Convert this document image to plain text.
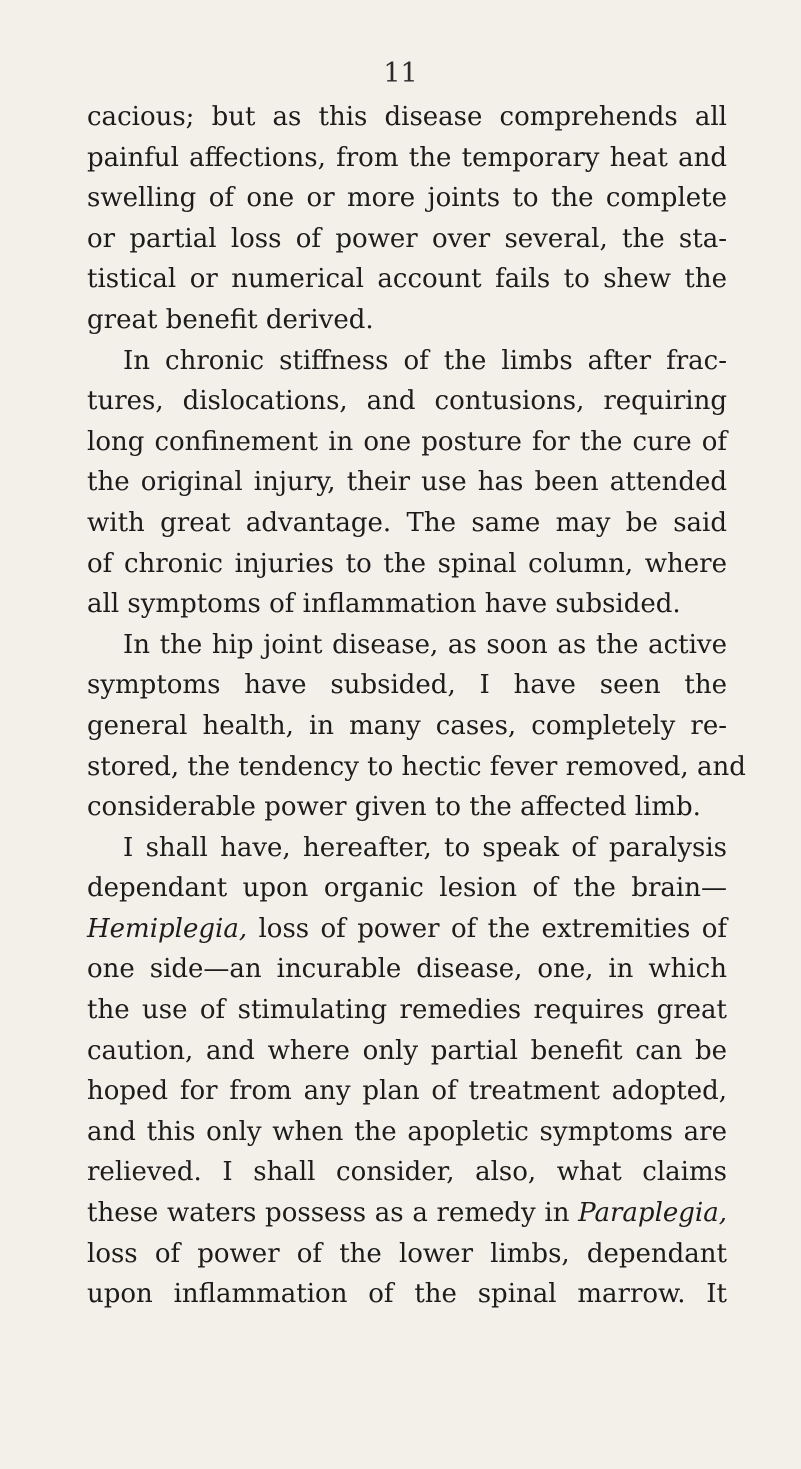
11
cacious; but as this disease comprehends all
painful affections, from the temporary heat and
swelling of one or more joints to the complete
or partial loss of power over several, the sta-
tistical or numerical account fails to shew the
great benefit derived.
In chronic stiffness of the limbs after frac-
tures, dislocations, and contusions, requiring
long confinement in one posture for the cure of
the original injury, their use has been attended
with great advantage. The same may be said
of chronic injuries to the spinal column, where
all symptoms of inflammation have subsided.
In the hip joint disease, as soon as the active
symptoms have subsided, I have seen the
general health, in many cases, completely re-
stored, the tendency to hectic fever removed, and
considerable power given to the affected limb.
I shall have, hereafter, to speak of paralysis
dependant upon organic lesion of the brain—
Hemiplegia, loss of power of the extremities of
one side—an incurable disease, one, in which
the use of stimulating remedies requires great
caution, and where only partial benefit can be
hoped for from any plan of treatment adopted,
and this only when the apopletic symptoms are
relieved. I shall consider, also, what claims
these waters possess as a remedy in Paraplegia,
loss of power of the lower limbs, dependant
upon inflammation of the spinal marrow. It
